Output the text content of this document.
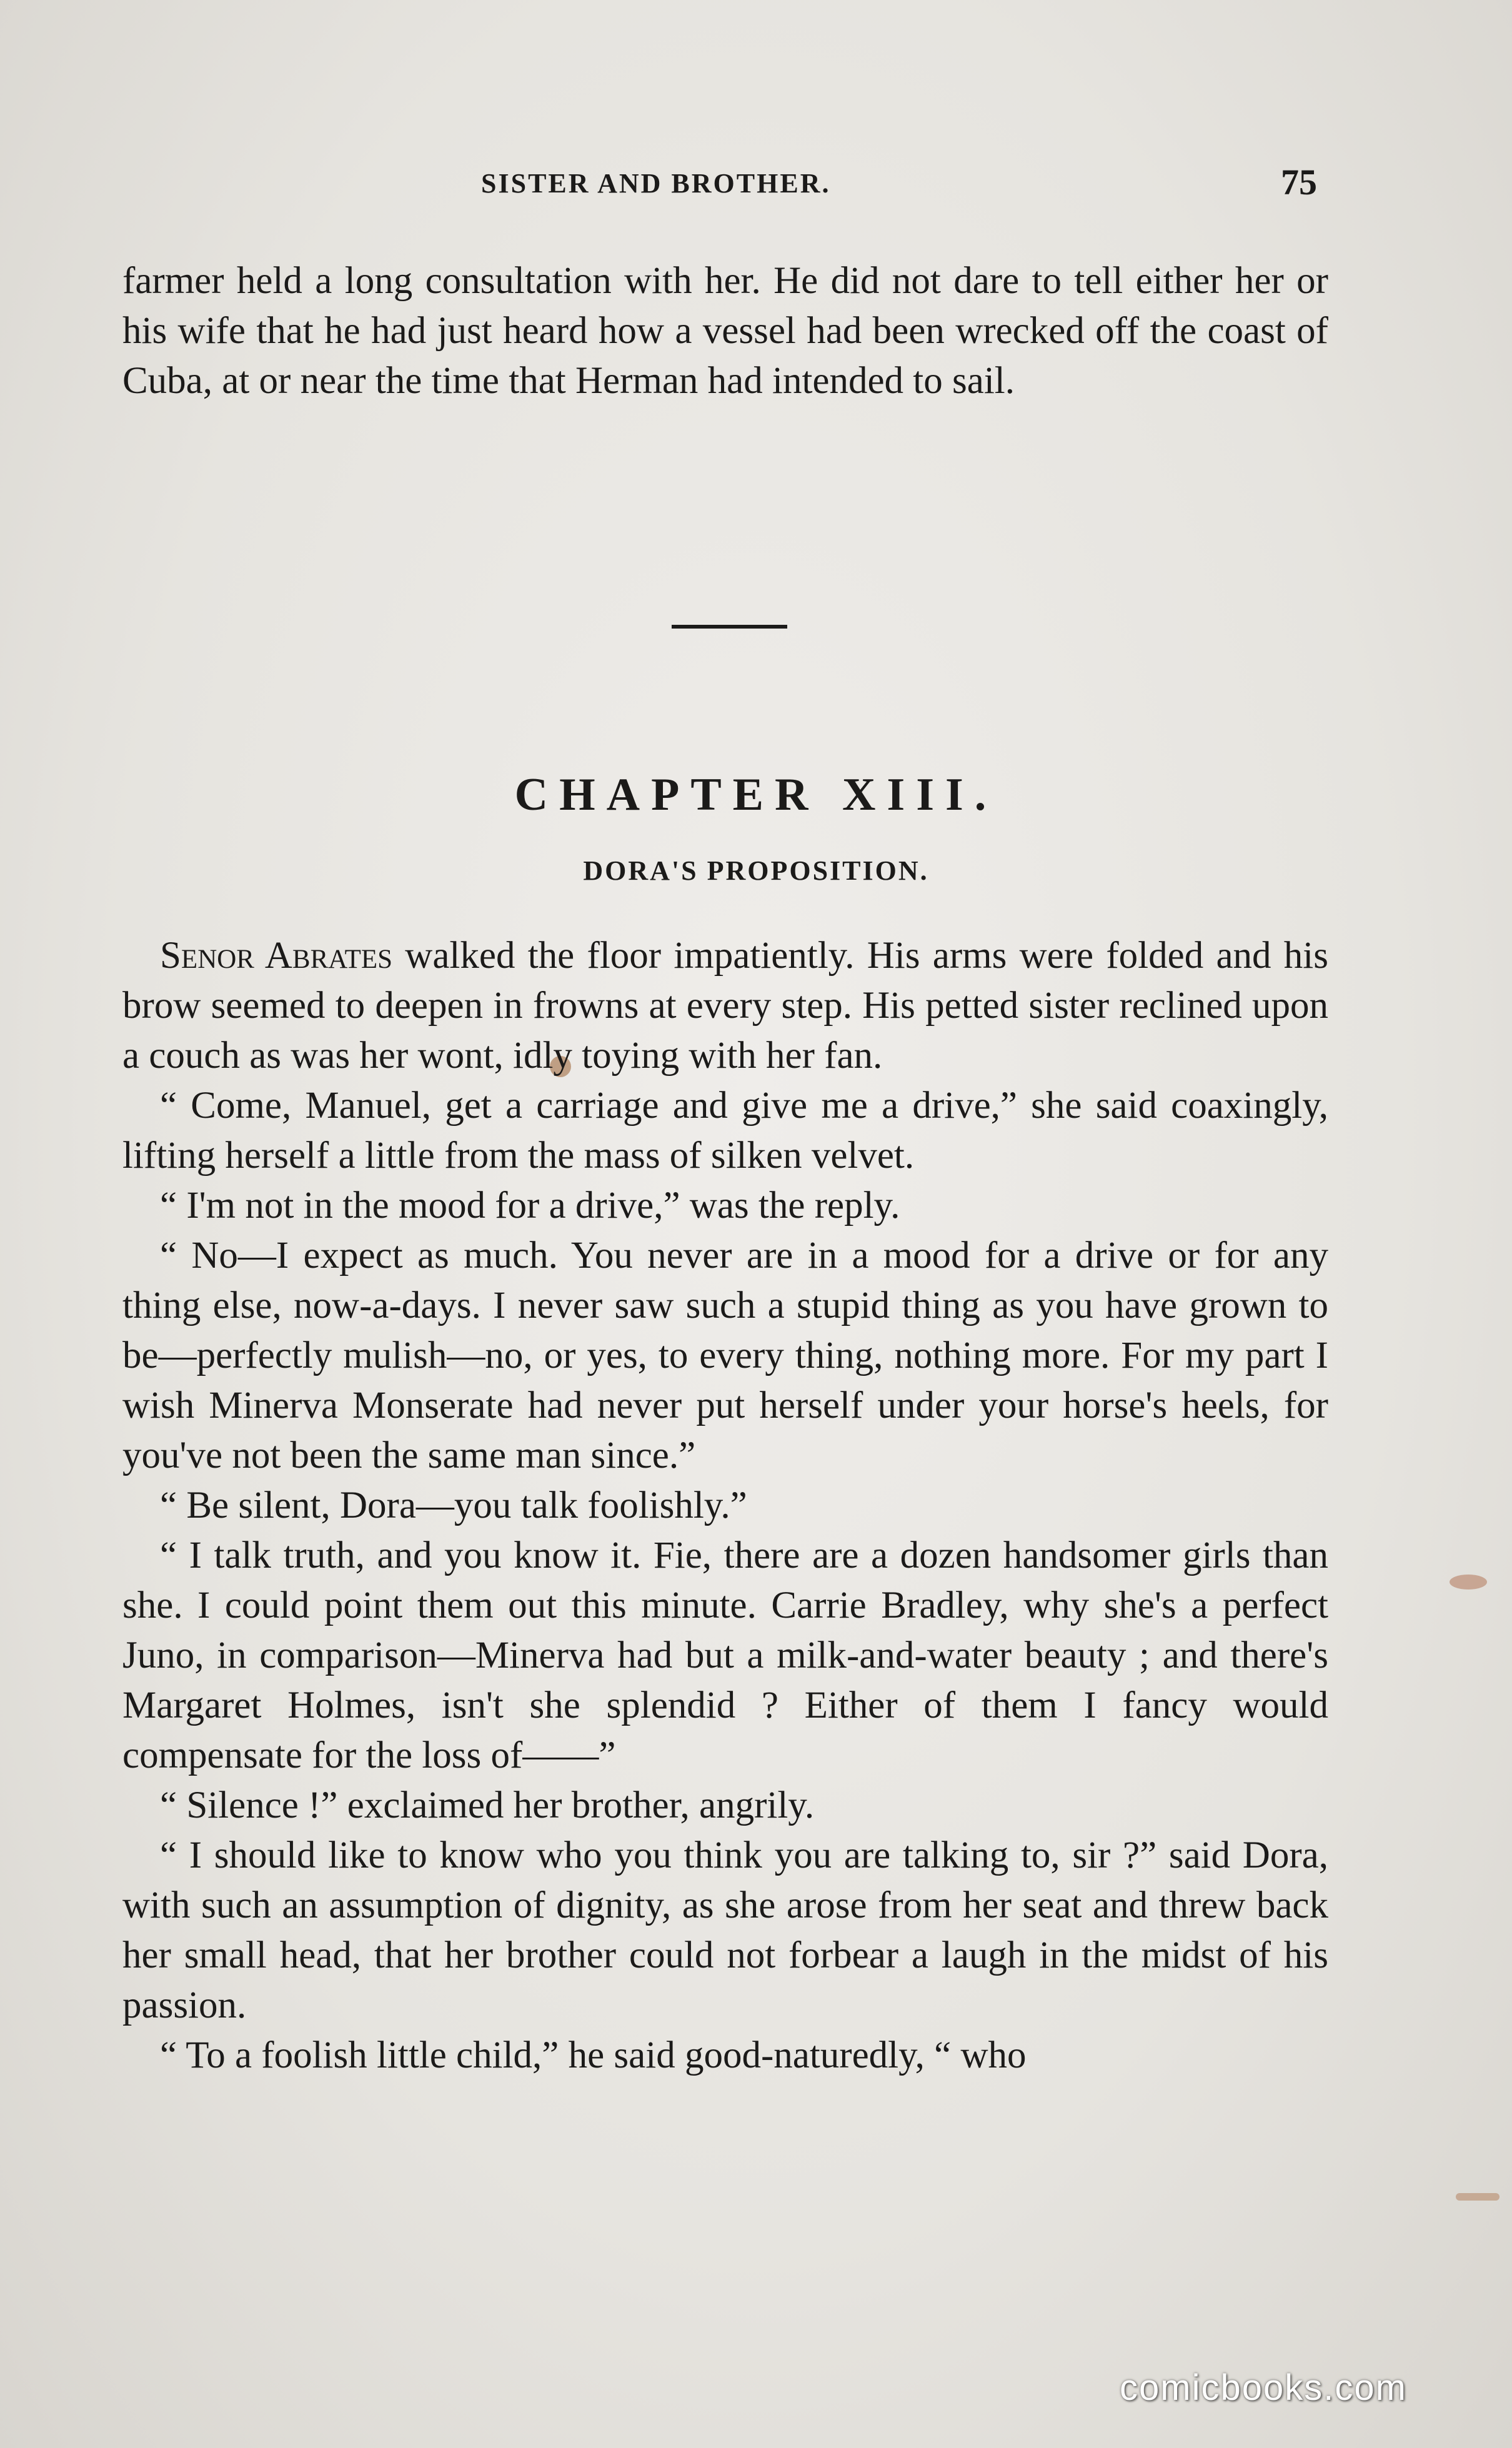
SISTER AND BROTHER.	75

farmer held a long consultation with her. He did not dare to tell either her or his wife that he had just heard how a vessel had been wrecked off the coast of Cuba, at or near the time that Herman had intended to sail.

CHAPTER XIII.
DORA'S PROPOSITION.

Senor Abrates walked the floor impatiently. His arms were folded and his brow seemed to deepen in frowns at every step. His petted sister reclined upon a couch as was her wont, idly toying with her fan.

“ Come, Manuel, get a carriage and give me a drive,” she said coaxingly, lifting herself a little from the mass of silken velvet.

“ I'm not in the mood for a drive,” was the reply.

“ No—I expect as much. You never are in a mood for a drive or for any thing else, now-a-days. I never saw such a stupid thing as you have grown to be—perfectly mulish—no, or yes, to every thing, nothing more. For my part I wish Minerva Monserate had never put herself under your horse's heels, for you've not been the same man since.”

“ Be silent, Dora—you talk foolishly.”

“ I talk truth, and you know it. Fie, there are a dozen handsomer girls than she. I could point them out this minute. Carrie Bradley, why she's a perfect Juno, in comparison—Minerva had but a milk-and-water beauty ; and there's Margaret Holmes, isn't she splendid ? Either of them I fancy would compensate for the loss of——”

“ Silence !” exclaimed her brother, angrily.

“ I should like to know who you think you are talking to, sir ?” said Dora, with such an assumption of dignity, as she arose from her seat and threw back her small head, that her brother could not forbear a laugh in the midst of his passion.

“ To a foolish little child,” he said good-naturedly, “ who

comicbooks.com
